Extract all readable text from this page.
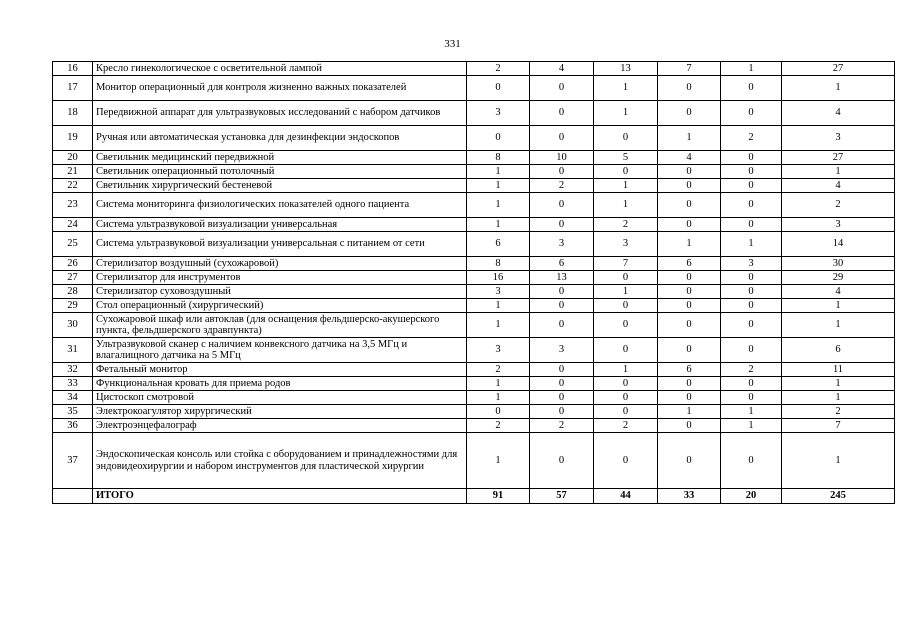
331
16	Кресло гинекологическое с осветительной лампой	2	4	13	7	1	27
17	Монитор операционный для контроля жизненно важных показателей	0	0	1	0	0	1
18	Передвижной аппарат для ультразвуковых исследований с набором датчиков	3	0	1	0	0	4
19	Ручная или автоматическая установка для дезинфекции эндоскопов	0	0	0	1	2	3
20	Светильник медицинский передвижной	8	10	5	4	0	27
21	Светильник операционный потолочный	1	0	0	0	0	1
22	Светильник хирургический бестеневой	1	2	1	0	0	4
23	Система мониторинга физиологических показателей одного пациента	1	0	1	0	0	2
24	Система ультразвуковой визуализации универсальная	1	0	2	0	0	3
25	Система ультразвуковой визуализации универсальная с питанием от сети	6	3	3	1	1	14
26	Стерилизатор воздушный (сухожаровой)	8	6	7	6	3	30
27	Стерилизатор для инструментов	16	13	0	0	0	29
28	Стерилизатор суховоздушный	3	0	1	0	0	4
29	Стол операционный (хирургический)	1	0	0	0	0	1
30	Сухожаровой шкаф или автоклав (для оснащения фельдшерско-акушерского пункта, фельдшерского здравпункта)	1	0	0	0	0	1
31	Ультразвуковой сканер с наличием конвексного датчика на 3,5 МГц и влагалищного датчика на 5 МГц	3	3	0	0	0	6
32	Фетальный монитор	2	0	1	6	2	11
33	Функциональная кровать для приема родов	1	0	0	0	0	1
34	Цистоскоп смотровой	1	0	0	0	0	1
35	Электрокоагулятор хирургический	0	0	0	1	1	2
36	Электроэнцефалограф	2	2	2	0	1	7
37	Эндоскопическая консоль или стойка с оборудованием и принадлежностями для эндовидеохирургии и набором инструментов для пластической хирургии	1	0	0	0	0	1
	ИТОГО	91	57	44	33	20	245
